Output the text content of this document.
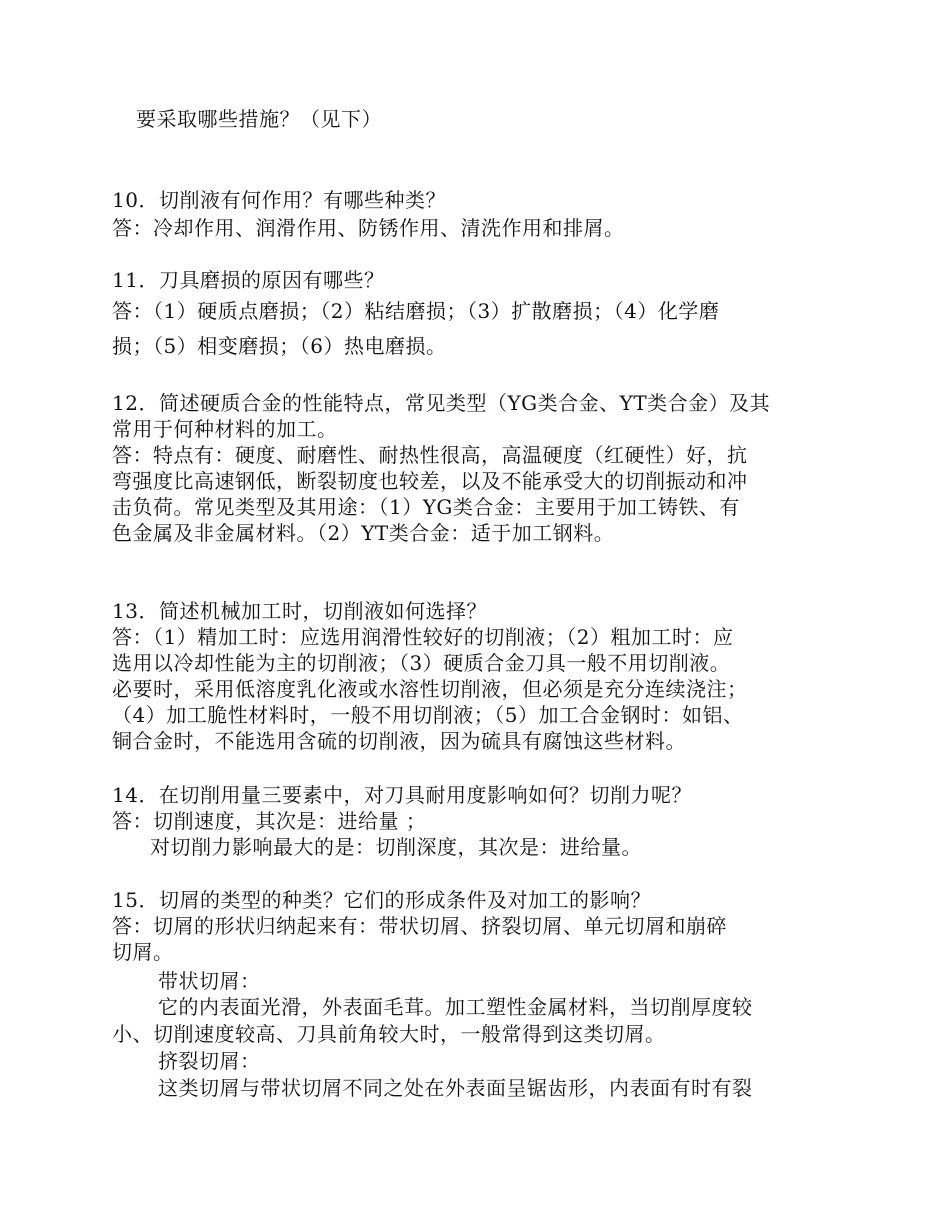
要采取哪些措施？（见下）
10．切削液有何作用？有哪些种类？
答：冷却作用、润滑作用、防锈作用、清洗作用和排屑。
11．刀具磨损的原因有哪些？
答：（1）硬质点磨损；（2）粘结磨损；（3）扩散磨损；（4）化学磨
损；（5）相变磨损；（6）热电磨损。
12．简述硬质合金的性能特点，常见类型（YG类合金、YT类合金）及其
常用于何种材料的加工。
答：特点有：硬度、耐磨性、耐热性很高，高温硬度（红硬性）好，抗
弯强度比高速钢低，断裂韧度也较差，以及不能承受大的切削振动和冲
击负荷。常见类型及其用途：（1）YG类合金：主要用于加工铸铁、有
色金属及非金属材料。（2）YT类合金：适于加工钢料。
13．简述机械加工时，切削液如何选择？
答：（1）精加工时：应选用润滑性较好的切削液；（2）粗加工时：应
选用以冷却性能为主的切削液；（3）硬质合金刀具一般不用切削液。
必要时，采用低溶度乳化液或水溶性切削液，但必须是充分连续浇注；
（4）加工脆性材料时，一般不用切削液；（5）加工合金钢时：如铝、
铜合金时，不能选用含硫的切削液，因为硫具有腐蚀这些材料。
14．在切削用量三要素中，对刀具耐用度影响如何？切削力呢？
答：切削速度，其次是：进给量 ；
对切削力影响最大的是：切削深度，其次是：进给量。
15．切屑的类型的种类？它们的形成条件及对加工的影响？
答：切屑的形状归纳起来有：带状切屑、挤裂切屑、单元切屑和崩碎
切屑。
带状切屑：
它的内表面光滑，外表面毛茸。加工塑性金属材料，当切削厚度较
小、切削速度较高、刀具前角较大时，一般常得到这类切屑。
挤裂切屑：
这类切屑与带状切屑不同之处在外表面呈锯齿形，内表面有时有裂
